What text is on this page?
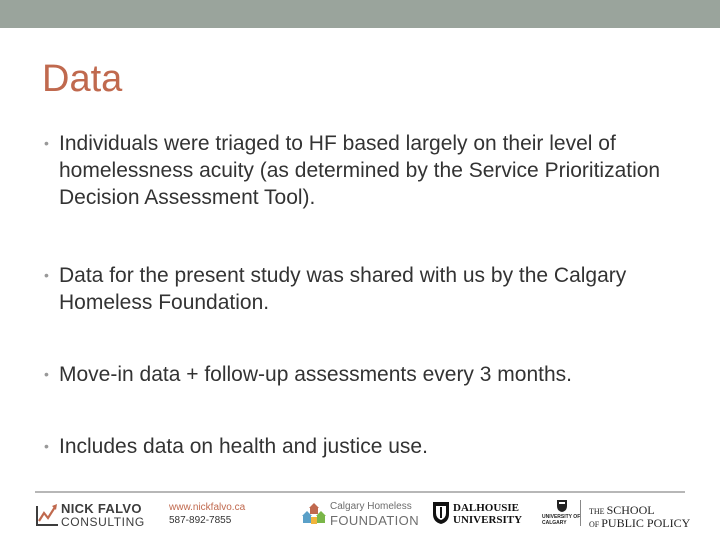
Data
• Individuals were triaged to HF based largely on their level of homelessness acuity (as determined by the Service Prioritization Decision Assessment Tool).
• Data for the present study was shared with us by the Calgary Homeless Foundation.
• Move-in data + follow-up assessments every 3 months.
• Includes data on health and justice use.
NICK FALVO
CONSULTING
www.nickfalvo.ca
587-892-7855
Calgary Homeless
FOUNDATION
DALHOUSIE
UNIVERSITY	UNIVERSITY OF
CALGARY
THE SCHOOL
OF PUBLIC POLICY
